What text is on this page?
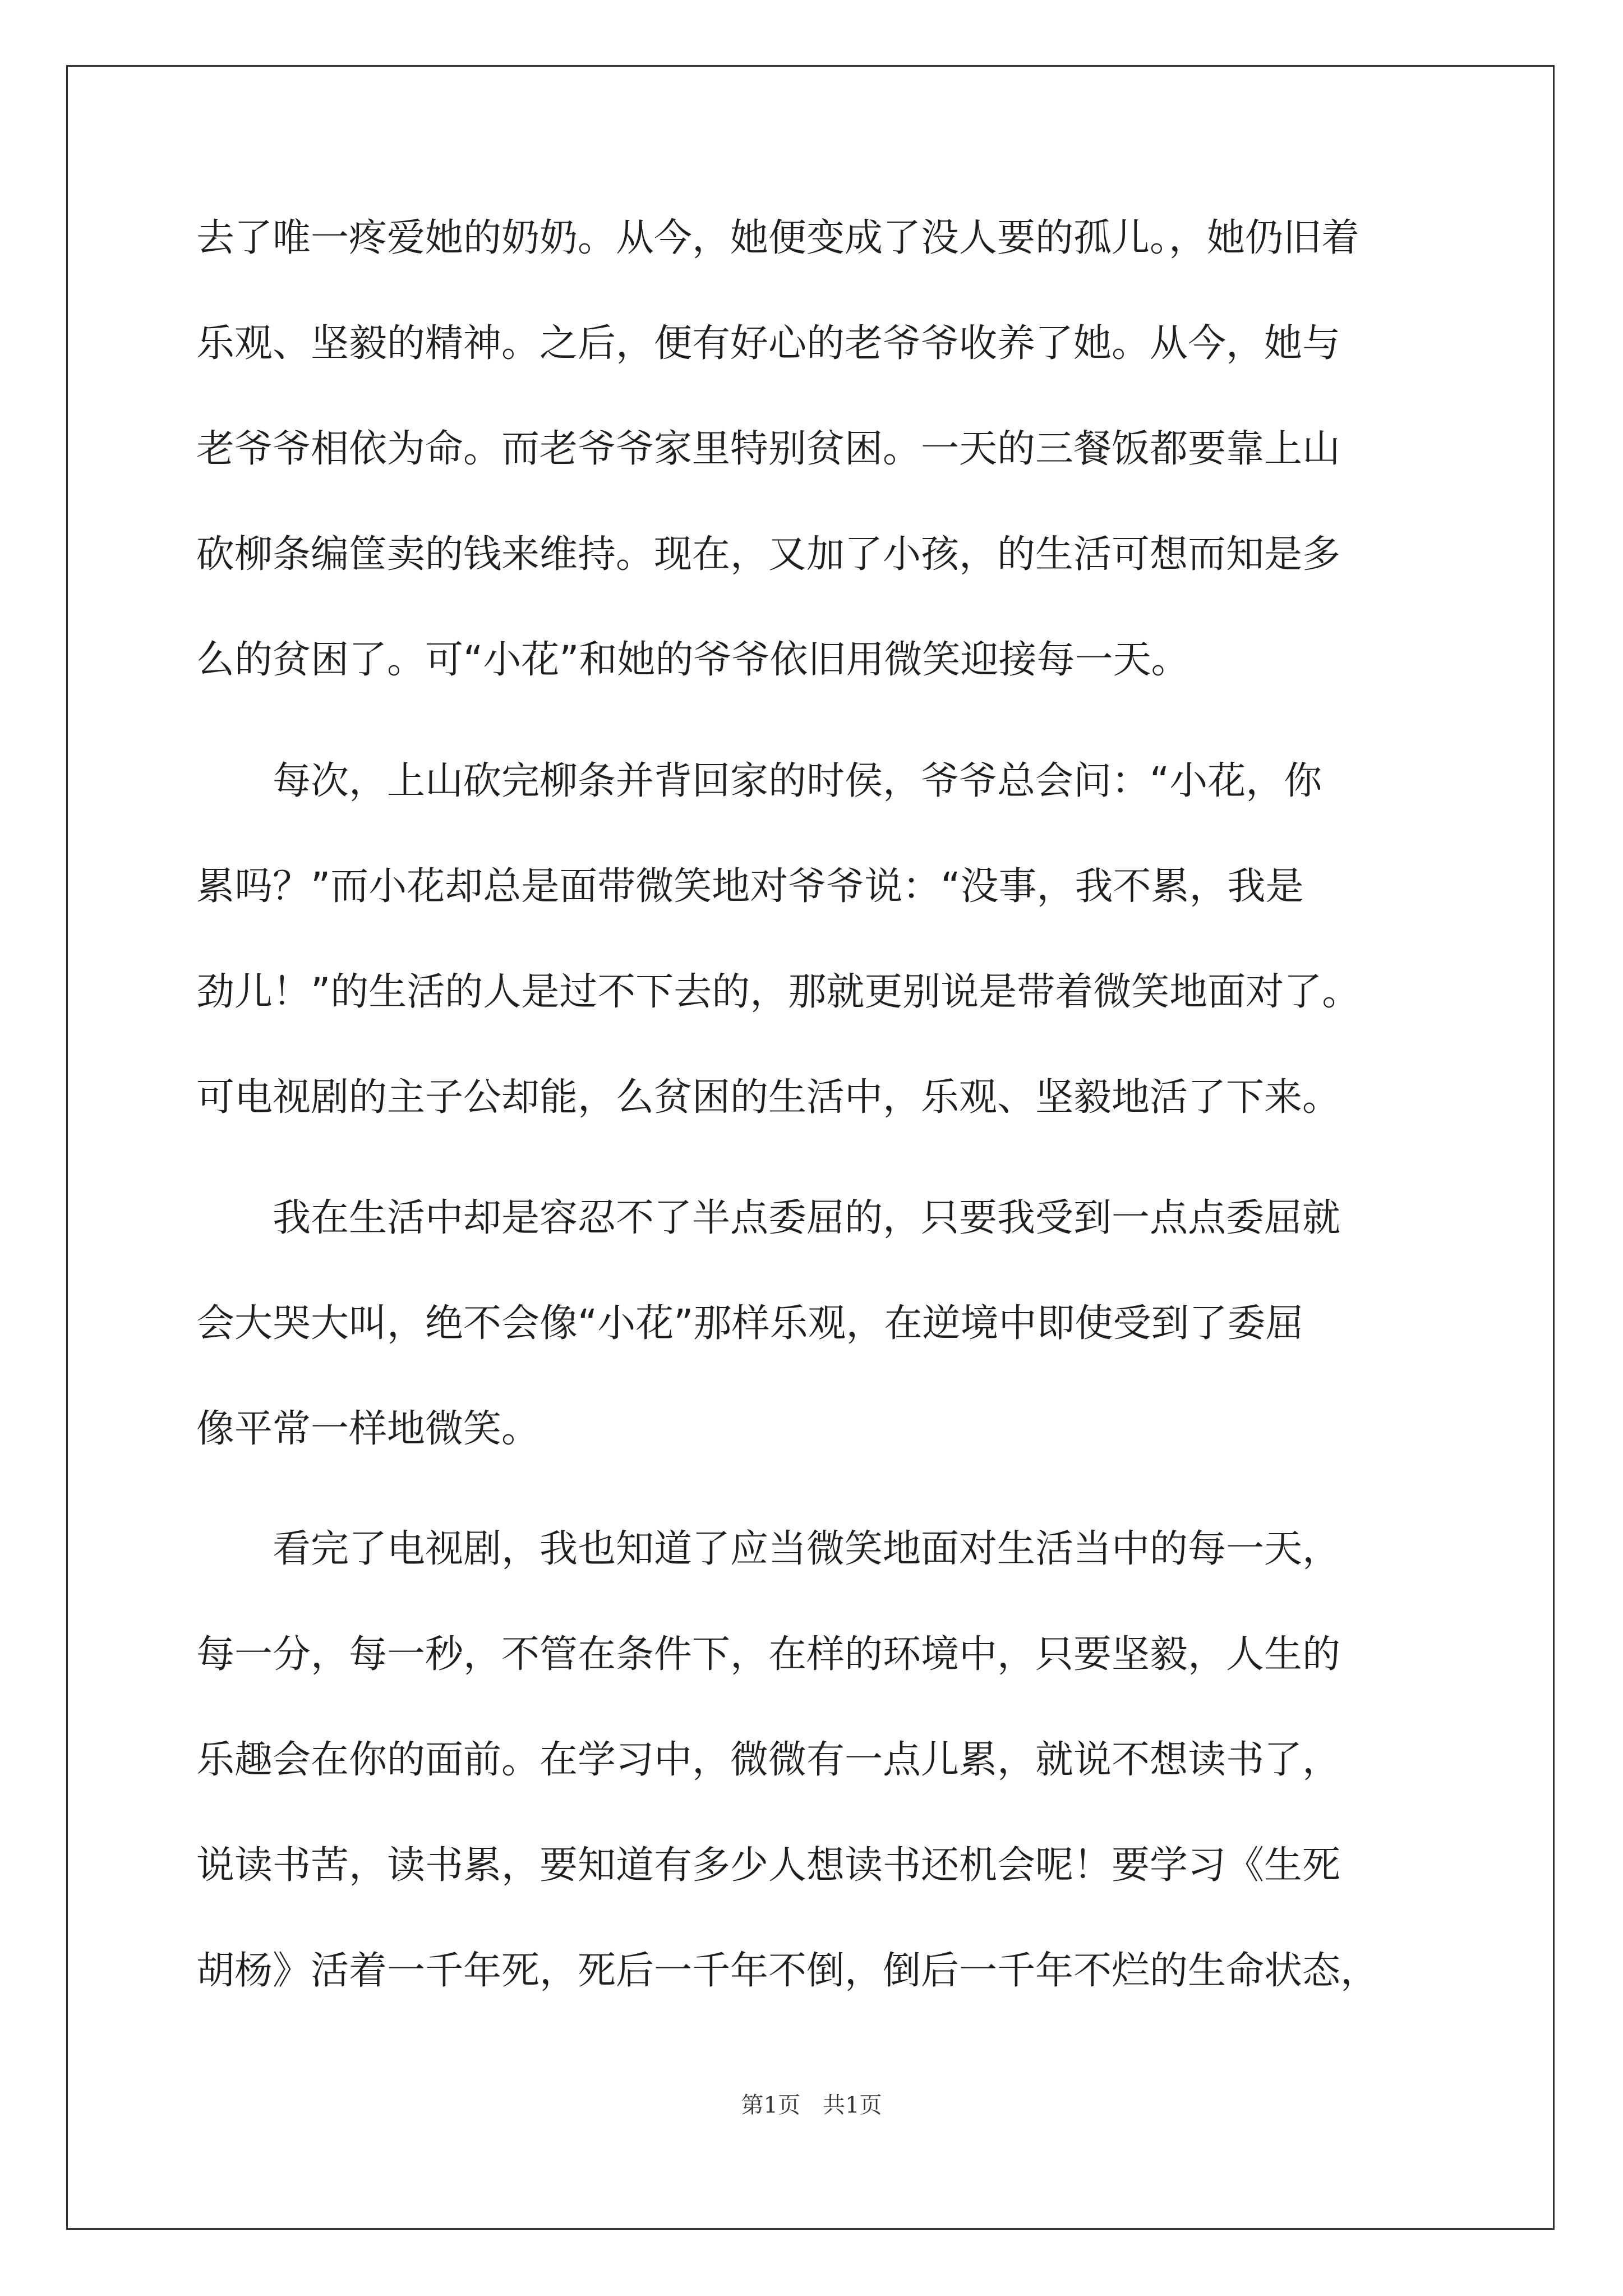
去了唯一疼爱她的奶奶。从今，她便变成了没人要的孤儿。，她仍旧着
乐观、坚毅的精神。之后，便有好心的老爷爷收养了她。从今，她与
老爷爷相依为命。而老爷爷家里特别贫困。一天的三餐饭都要靠上山
砍柳条编筐卖的钱来维持。现在，又加了小孩，的生活可想而知是多
么的贫困了。可“小花”和她的爷爷依旧用微笑迎接每一天。
　　每次，上山砍完柳条并背回家的时侯，爷爷总会问：“小花，你
累吗？”而小花却总是面带微笑地对爷爷说：“没事，我不累，我是
劲儿！”的生活的人是过不下去的，那就更别说是带着微笑地面对了。
可电视剧的主子公却能，么贫困的生活中，乐观、坚毅地活了下来。
　　我在生活中却是容忍不了半点委屈的，只要我受到一点点委屈就
会大哭大叫，绝不会像“小花”那样乐观，在逆境中即使受到了委屈
像平常一样地微笑。
　　看完了电视剧，我也知道了应当微笑地面对生活当中的每一天，
每一分，每一秒，不管在条件下，在样的环境中，只要坚毅，人生的
乐趣会在你的面前。在学习中，微微有一点儿累，就说不想读书了，
说读书苦，读书累，要知道有多少人想读书还机会呢！要学习《生死
胡杨》活着一千年死，死后一千年不倒，倒后一千年不烂的生命状态，
第1页　共1页
